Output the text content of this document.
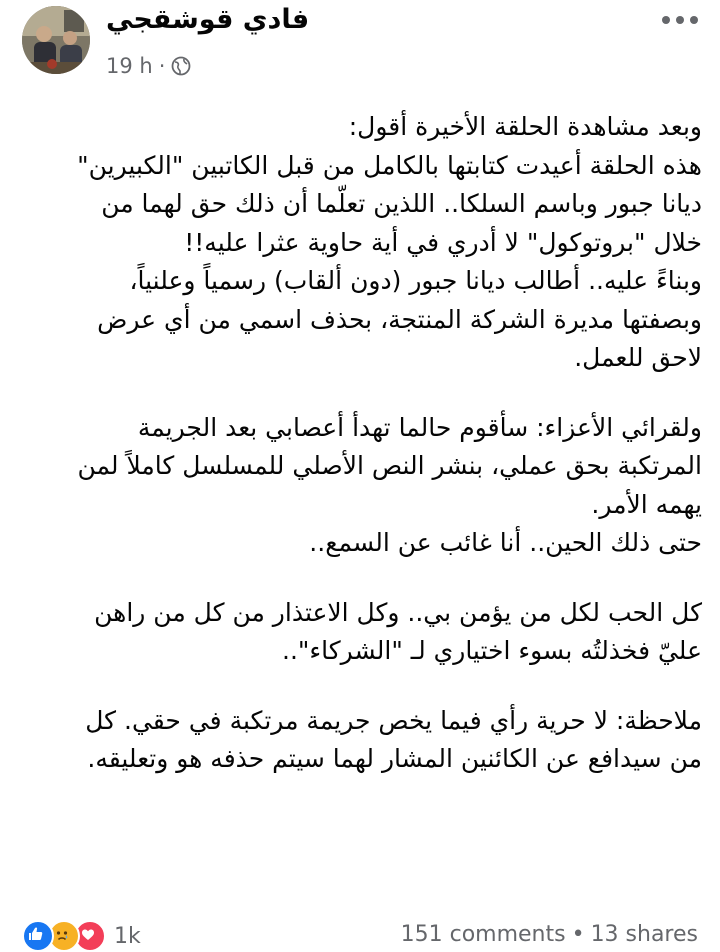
فادي قوشقجي
19 h ·
وبعد مشاهدة الحلقة الأخيرة أقول:
هذه الحلقة أعيدت كتابتها بالكامل من قبل الكاتبين "الكبيرين"
ديانا جبور وباسم السلكا.. اللذين تعلّما أن ذلك حق لهما من
خلال "بروتوكول" لا أدري في أية حاوية عثرا عليه!!
وبناءً عليه.. أطالب ديانا جبور (دون ألقاب) رسمياً وعلنياً،
وبصفتها مديرة الشركة المنتجة، بحذف اسمي من أي عرض
لاحق للعمل.
ولقرائي الأعزاء: سأقوم حالما تهدأ أعصابي بعد الجريمة
المرتكبة بحق عملي، بنشر النص الأصلي للمسلسل كاملاً لمن
يهمه الأمر.
حتى ذلك الحين.. أنا غائب عن السمع..
كل الحب لكل من يؤمن بي.. وكل الاعتذار من كل من راهن
عليّ فخذلتُه بسوء اختياري لـ "الشركاء"..
ملاحظة: لا حرية رأي فيما يخص جريمة مرتكبة في حقي. كل
من سيدافع عن الكائنين المشار لهما سيتم حذفه هو وتعليقه.
1k	151 comments • 13 shares
